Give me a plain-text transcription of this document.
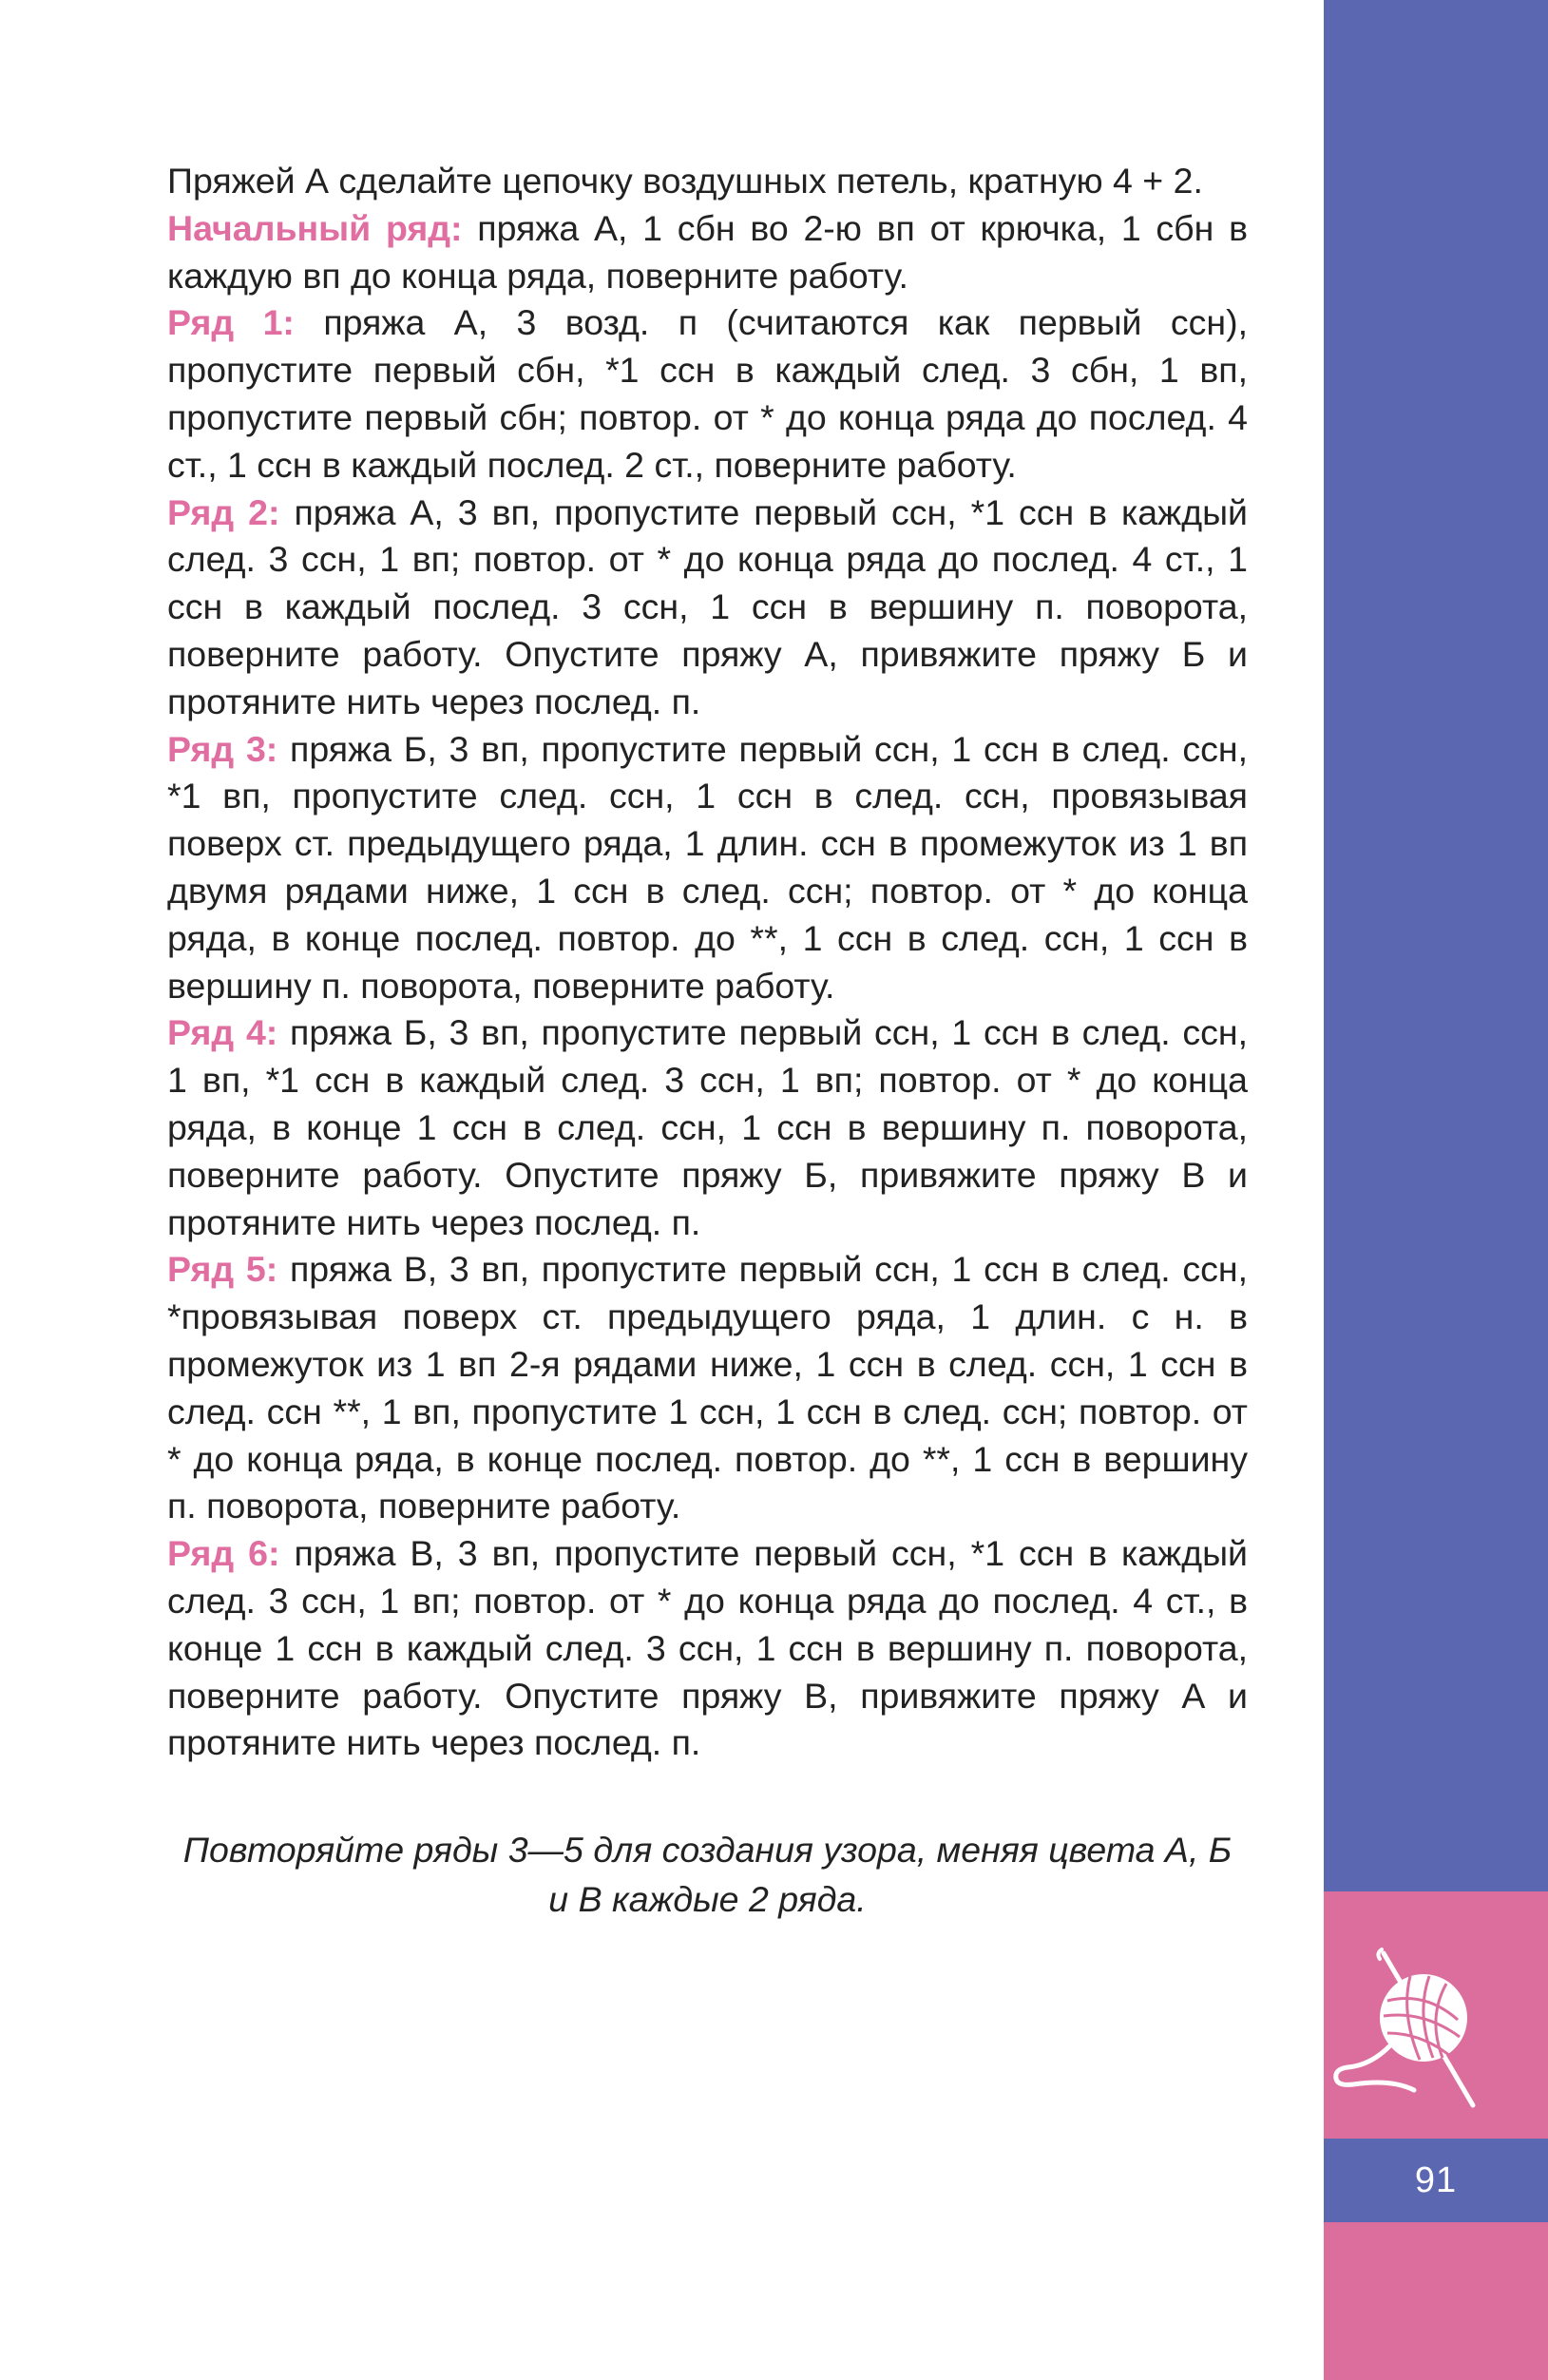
91

Пряжей А сделайте цепочку воздушных петель, кратную 4 + 2.

Начальный ряд: пряжа А, 1 сбн во 2-ю вп от крючка, 1 сбн в каждую вп до конца ряда, поверните работу.

Ряд 1: пряжа А, 3 возд. п (считаются как первый ссн), пропустите первый сбн, *1 ссн в каждый след. 3 сбн, 1 вп, пропустите первый сбн; повтор. от * до конца ряда до послед. 4 ст., 1 ссн в каждый послед. 2 ст., поверните работу.

Ряд 2: пряжа А, 3 вп, пропустите первый ссн, *1 ссн в каждый след. 3 ссн, 1 вп; повтор. от * до конца ряда до послед. 4 ст., 1 ссн в каждый послед. 3 ссн, 1 ссн в вершину п. поворота, поверните работу. Опустите пряжу А, привяжите пряжу Б и протяните нить через послед. п.

Ряд 3: пряжа Б, 3 вп, пропустите первый ссн, 1 ссн в след. ссн, *1 вп, пропустите след. ссн, 1 ссн в след. ссн, провязывая поверх ст. предыдущего ряда, 1 длин. ссн в промежуток из 1 вп двумя рядами ниже, 1 ссн в след. ссн; повтор. от * до конца ряда, в конце послед. повтор. до **, 1 ссн в след. ссн, 1 ссн в вершину п. поворота, поверните работу.

Ряд 4: пряжа Б, 3 вп, пропустите первый ссн, 1 ссн в след. ссн, 1 вп, *1 ссн в каждый след. 3 ссн, 1 вп; повтор. от * до конца ряда, в конце 1 ссн в след. ссн, 1 ссн в вершину п. поворота, поверните работу. Опустите пряжу Б, привяжите пряжу В и протяните нить через послед. п.

Ряд 5: пряжа В, 3 вп, пропустите первый ссн, 1 ссн в след. ссн, *провязывая поверх ст. предыдущего ряда, 1 длин. с н. в промежуток из 1 вп 2-я рядами ниже, 1 ссн в след. ссн, 1 ссн в след. ссн **, 1 вп, пропустите 1 ссн, 1 ссн в след. ссн; повтор. от * до конца ряда, в конце послед. повтор. до **, 1 ссн в вершину п. поворота, поверните работу.

Ряд 6: пряжа В, 3 вп, пропустите первый ссн, *1 ссн в каждый след. 3 ссн, 1 вп; повтор. от * до конца ряда до послед. 4 ст., в конце 1 ссн в каждый след. 3 ссн, 1 ссн в вершину п. поворота, поверните работу. Опустите пряжу В, привяжите пряжу А и протяните нить через послед. п.

Повторяйте ряды 3—5 для создания узора, меняя цвета А, Б
и В каждые 2 ряда.
